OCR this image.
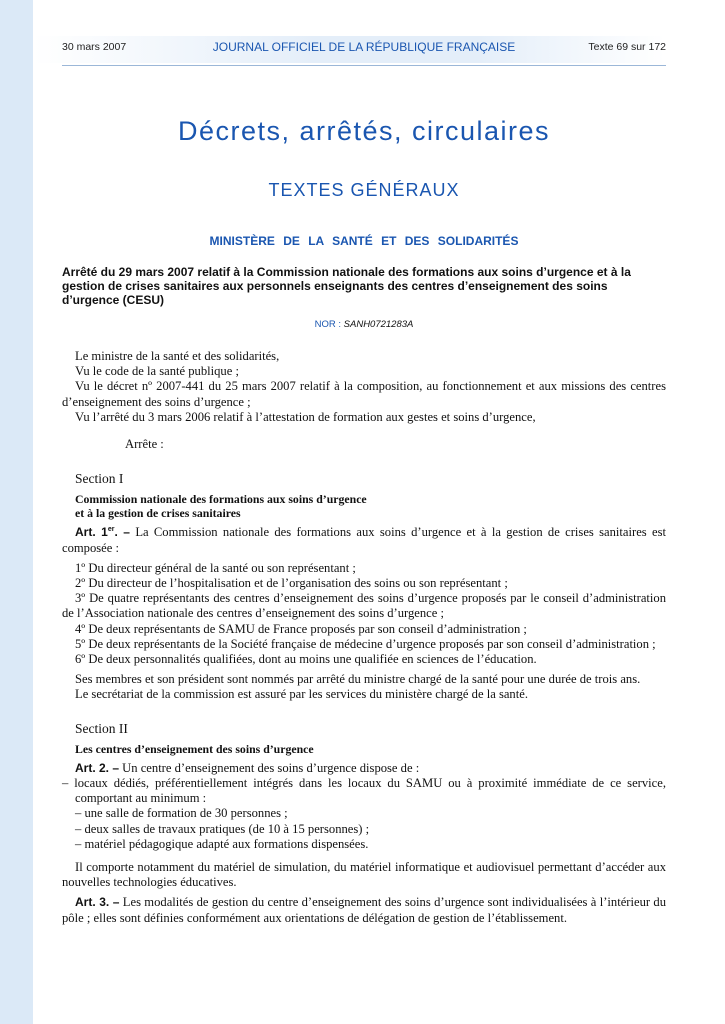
30 mars 2007	JOURNAL OFFICIEL DE LA RÉPUBLIQUE FRANÇAISE	Texte 69 sur 172
Décrets, arrêtés, circulaires
TEXTES GÉNÉRAUX
MINISTÈRE DE LA SANTÉ ET DES SOLIDARITÉS
Arrêté du 29 mars 2007 relatif à la Commission nationale des formations aux soins d’urgence et à la gestion de crises sanitaires aux personnels enseignants des centres d’enseignement des soins d’urgence (CESU)
NOR : SANH0721283A

Le ministre de la santé et des solidarités,

Vu le code de la santé publique ;

Vu le décret nº 2007-441 du 25 mars 2007 relatif à la composition, au fonctionnement et aux missions des centres d’enseignement des soins d’urgence ;

Vu l’arrêté du 3 mars 2006 relatif à l’attestation de formation aux gestes et soins d’urgence,

Arrête :

Section I

Commission nationale des formations aux soins d’urgence

et à la gestion de crises sanitaires

Art. 1er. – La Commission nationale des formations aux soins d’urgence et à la gestion de crises sanitaires est composée :

1º Du directeur général de la santé ou son représentant ;

2º Du directeur de l’hospitalisation et de l’organisation des soins ou son représentant ;

3º De quatre représentants des centres d’enseignement des soins d’urgence proposés par le conseil d’administration de l’Association nationale des centres d’enseignement des soins d’urgence ;

4º De deux représentants de SAMU de France proposés par son conseil d’administration ;

5º De deux représentants de la Société française de médecine d’urgence proposés par son conseil d’administration ;

6º De deux personnalités qualifiées, dont au moins une qualifiée en sciences de l’éducation.

Ses membres et son président sont nommés par arrêté du ministre chargé de la santé pour une durée de trois ans.

Le secrétariat de la commission est assuré par les services du ministère chargé de la santé.

Section II

Les centres d’enseignement des soins d’urgence

Art. 2. – Un centre d’enseignement des soins d’urgence dispose de :

– locaux dédiés, préférentiellement intégrés dans les locaux du SAMU ou à proximité immédiate de ce service, comportant au minimum :

– une salle de formation de 30 personnes ;

– deux salles de travaux pratiques (de 10 à 15 personnes) ;

– matériel pédagogique adapté aux formations dispensées.

Il comporte notamment du matériel de simulation, du matériel informatique et audiovisuel permettant d’accéder aux nouvelles technologies éducatives.

Art. 3. – Les modalités de gestion du centre d’enseignement des soins d’urgence sont individualisées à l’intérieur du pôle ; elles sont définies conformément aux orientations de délégation de gestion de l’établissement.
